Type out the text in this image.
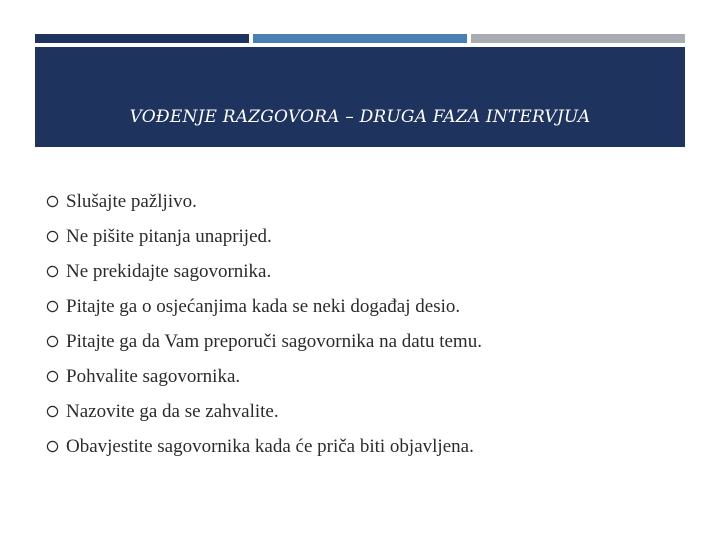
VOĐENJE RAZGOVORA – DRUGA FAZA INTERVJUA
Slušajte pažljivo.
Ne pišite pitanja unaprijed.
Ne prekidajte sagovornika.
Pitajte ga o osjećanjima kada se neki događaj desio.
Pitajte ga da Vam preporuči sagovornika na datu temu.
Pohvalite sagovornika.
Nazovite ga da se zahvalite.
Obavjestite sagovornika kada će priča biti objavljena.
